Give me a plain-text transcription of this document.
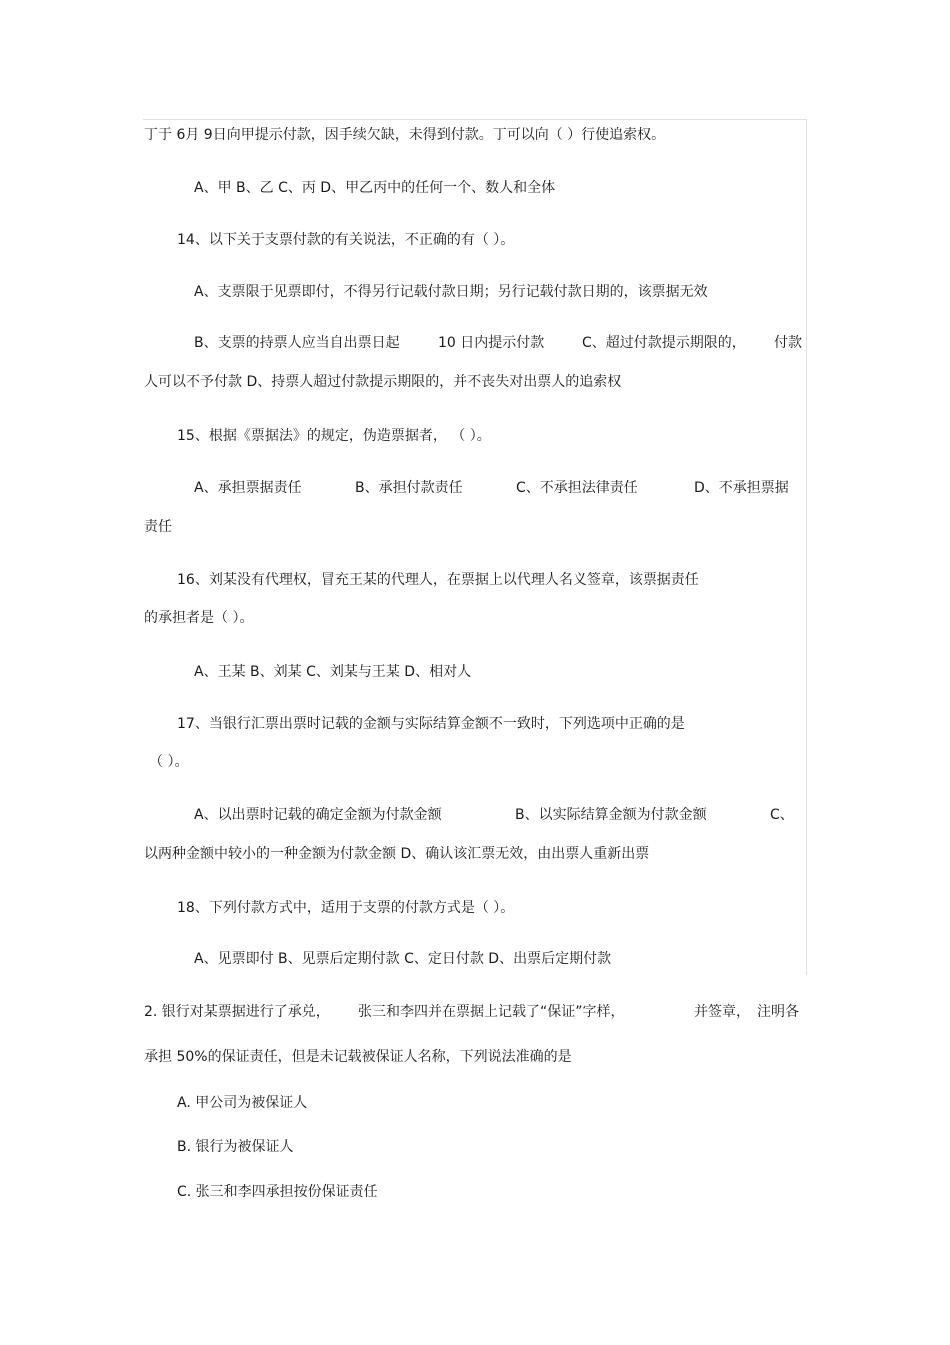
丁于 6月 9日向甲提示付款，因手续欠缺，未得到付款。丁可以向（ ）行使追索权。
A、甲 B、乙 C、丙 D、甲乙丙中的任何一个、数人和全体
14、以下关于支票付款的有关说法，不正确的有（ ）。
A、支票限于见票即付，不得另行记载付款日期；另行记载付款日期的，该票据无效
B、支票的持票人应当自出票日起	10 日内提示付款	C、超过付款提示期限的， 付款
人可以不予付款 D、持票人超过付款提示期限的，并不丧失对出票人的追索权
15、根据《票据法》的规定，伪造票据者， （ ）。
A、承担票据责任	B、承担付款责任	C、不承担法律责任	D、不承担票据
责任
16、刘某没有代理权，冒充王某的代理人，在票据上以代理人名义签章，该票据责任
的承担者是（ ）。
A、王某 B、刘某 C、刘某与王某 D、相对人
17、当银行汇票出票时记载的金额与实际结算金额不一致时，下列选项中正确的是
（ ）。
A、以出票时记载的确定金额为付款金额	B、以实际结算金额为付款金额	C、
以两种金额中较小的一种金额为付款金额 D、确认该汇票无效，由出票人重新出票
18、下列付款方式中，适用于支票的付款方式是（ ）。
A、见票即付 B、见票后定期付款 C、定日付款 D、出票后定期付款
2. 银行对某票据进行了承兑， 张三和李四并在票据上记载了“保证”字样，	并签章， 注明各
承担 50%的保证责任，但是未记载被保证人名称，下列说法准确的是
A. 甲公司为被保证人
B. 银行为被保证人
C. 张三和李四承担按份保证责任
